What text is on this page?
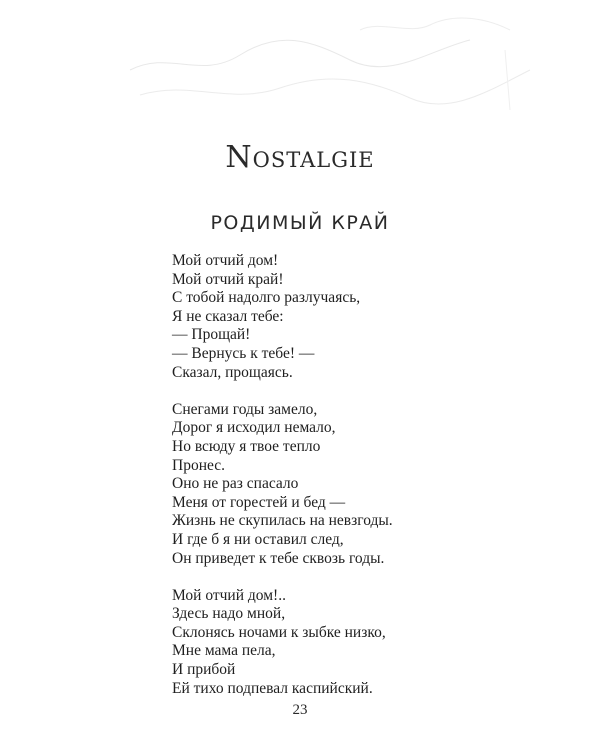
Nostalgie
РОДИМЫЙ КРАЙ
Мой отчий дом!
Мой отчий край!
С тобой надолго разлучаясь,
Я не сказал тебе:
— Прощай!
— Вернусь к тебе! —
Сказал, прощаясь.
Снегами годы замело,
Дорог я исходил немало,
Но всюду я твое тепло
Пронес.
Оно не раз спасало
Меня от горестей и бед —
Жизнь не скупилась на невзгоды.
И где б я ни оставил след,
Он приведет к тебе сквозь годы.
Мой отчий дом!..
Здесь надо мной,
Склонясь ночами к зыбке низко,
Мне мама пела,
И прибой
Ей тихо подпевал каспийский.
23
